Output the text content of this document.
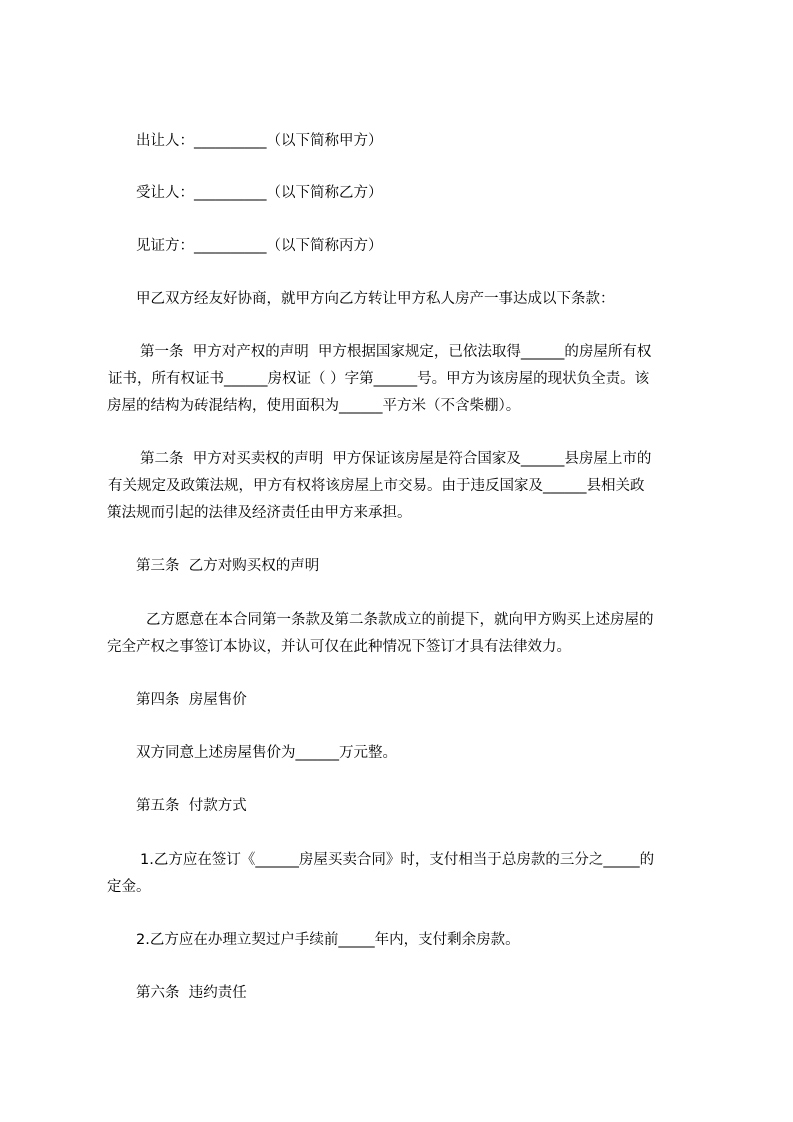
出让人：__________（以下简称甲方）
受让人：__________（以下简称乙方）
见证方：__________（以下简称丙方）
甲乙双方经友好协商，就甲方向乙方转让甲方私人房产一事达成以下条款：
第一条  甲方对产权的声明  甲方根据国家规定，已依法取得______的房屋所有权
证书，所有权证书______房权证（ ）字第______号。甲方为该房屋的现状负全责。该
房屋的结构为砖混结构，使用面积为______平方米（不含柴棚）。
第二条  甲方对买卖权的声明  甲方保证该房屋是符合国家及______县房屋上市的
有关规定及政策法规，甲方有权将该房屋上市交易。由于违反国家及______县相关政
策法规而引起的法律及经济责任由甲方来承担。
第三条  乙方对购买权的声明
乙方愿意在本合同第一条款及第二条款成立的前提下，就向甲方购买上述房屋的
完全产权之事签订本协议，并认可仅在此种情况下签订才具有法律效力。
第四条  房屋售价
双方同意上述房屋售价为______万元整。
第五条  付款方式
1.乙方应在签订《______房屋买卖合同》时，支付相当于总房款的三分之_____的
定金。
2.乙方应在办理立契过户手续前_____年内，支付剩余房款。
第六条  违约责任
